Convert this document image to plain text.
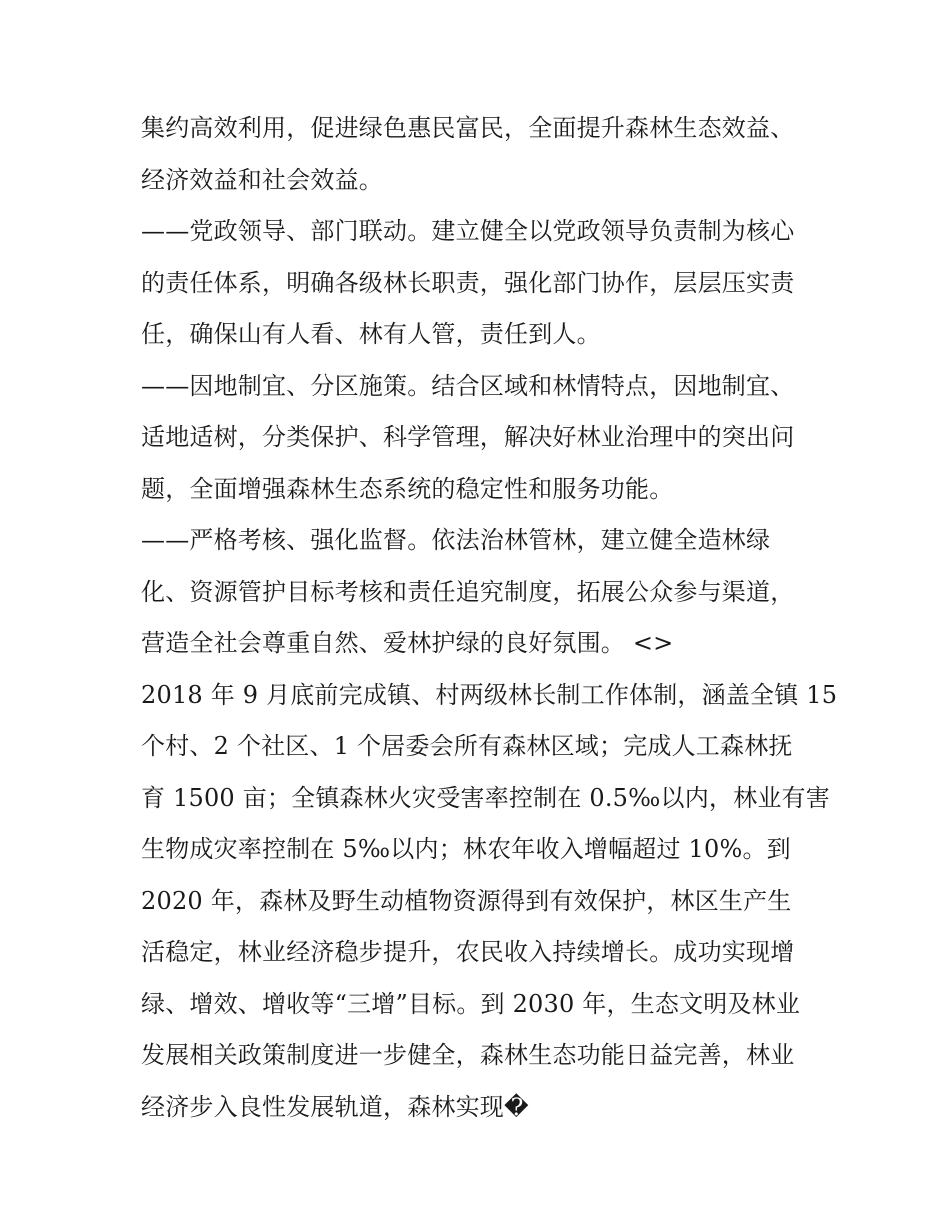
集约高效利用，促进绿色惠民富民，全面提升森林生态效益、
经济效益和社会效益。
——党政领导、部门联动。建立健全以党政领导负责制为核心
的责任体系，明确各级林长职责，强化部门协作，层层压实责
任，确保山有人看、林有人管，责任到人。
——因地制宜、分区施策。结合区域和林情特点，因地制宜、
适地适树，分类保护、科学管理，解决好林业治理中的突出问
题，全面增强森林生态系统的稳定性和服务功能。
——严格考核、强化监督。依法治林管林，建立健全造林绿
化、资源管护目标考核和责任追究制度，拓展公众参与渠道，
营造全社会尊重自然、爱林护绿的良好氛围。 <>
2018 年 9 月底前完成镇、村两级林长制工作体制，涵盖全镇 15
个村、2 个社区、1 个居委会所有森林区域；完成人工森林抚
育 1500 亩；全镇森林火灾受害率控制在 0.5‰以内，林业有害
生物成灾率控制在 5‰以内；林农年收入增幅超过 10%。到
2020 年，森林及野生动植物资源得到有效保护，林区生产生
活稳定，林业经济稳步提升，农民收入持续增长。成功实现增
绿、增效、增收等“三增”目标。到 2030 年，生态文明及林业
发展相关政策制度进一步健全，森林生态功能日益完善，林业
经济步入良性发展轨道，森林实现�
